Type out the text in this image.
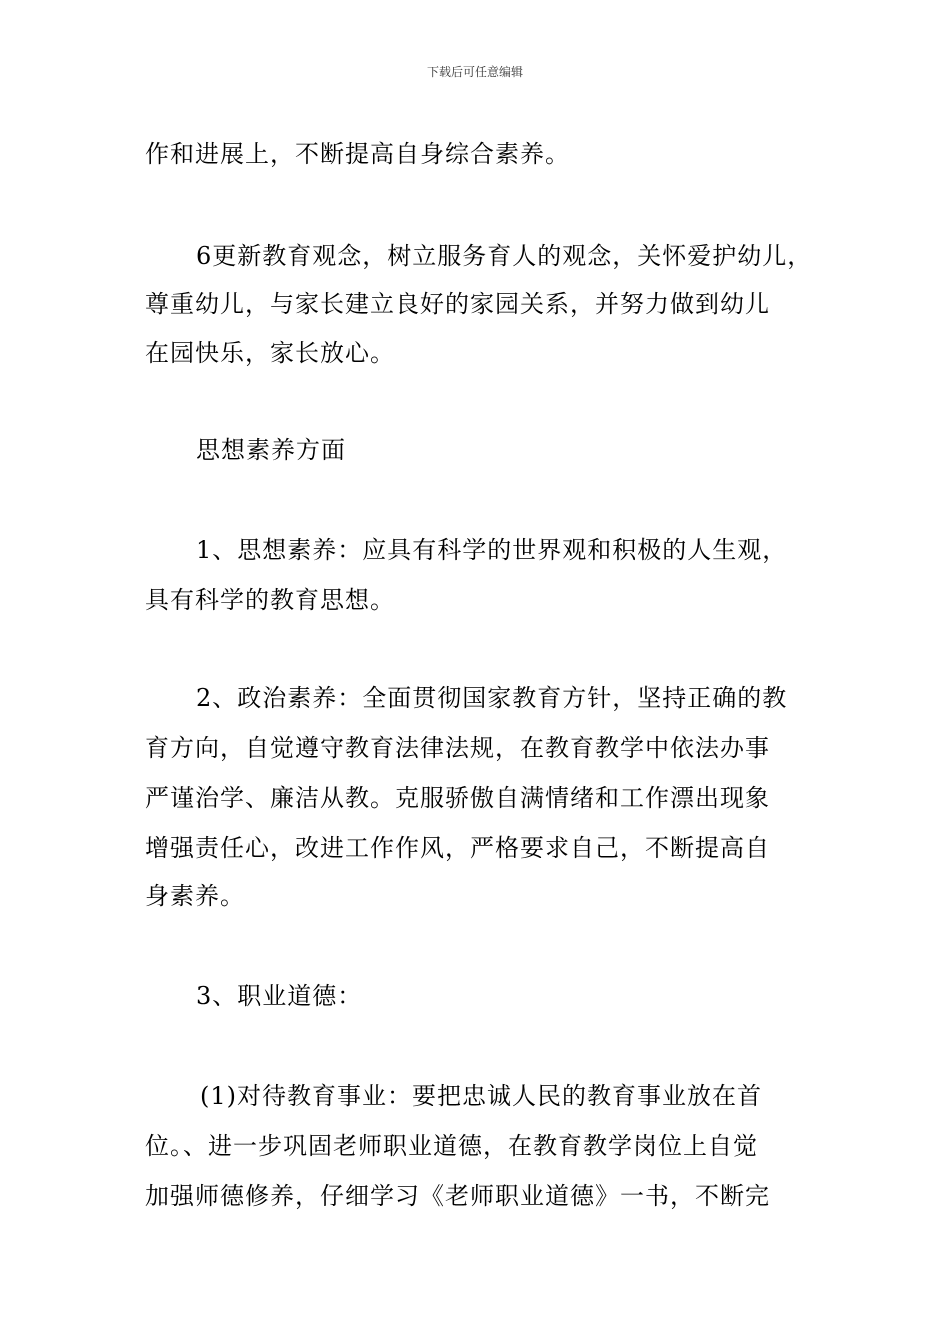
下载后可任意编辑
作和进展上，不断提高自身综合素养。
6更新教育观念，树立服务育人的观念，关怀爱护幼儿，
尊重幼儿，与家长建立良好的家园关系，并努力做到幼儿
在园快乐，家长放心。
思想素养方面
1、思想素养：应具有科学的世界观和积极的人生观，
具有科学的教育思想。
2、政治素养：全面贯彻国家教育方针，坚持正确的教
育方向，自觉遵守教育法律法规，在教育教学中依法办事
严谨治学、廉洁从教。克服骄傲自满情绪和工作漂出现象
增强责任心，改进工作作风，严格要求自己，不断提高自
身素养。
3、职业道德：
(1)对待教育事业：要把忠诚人民的教育事业放在首
位。、进一步巩固老师职业道德，在教育教学岗位上自觉
加强师德修养，仔细学习《老师职业道德》一书，不断完
